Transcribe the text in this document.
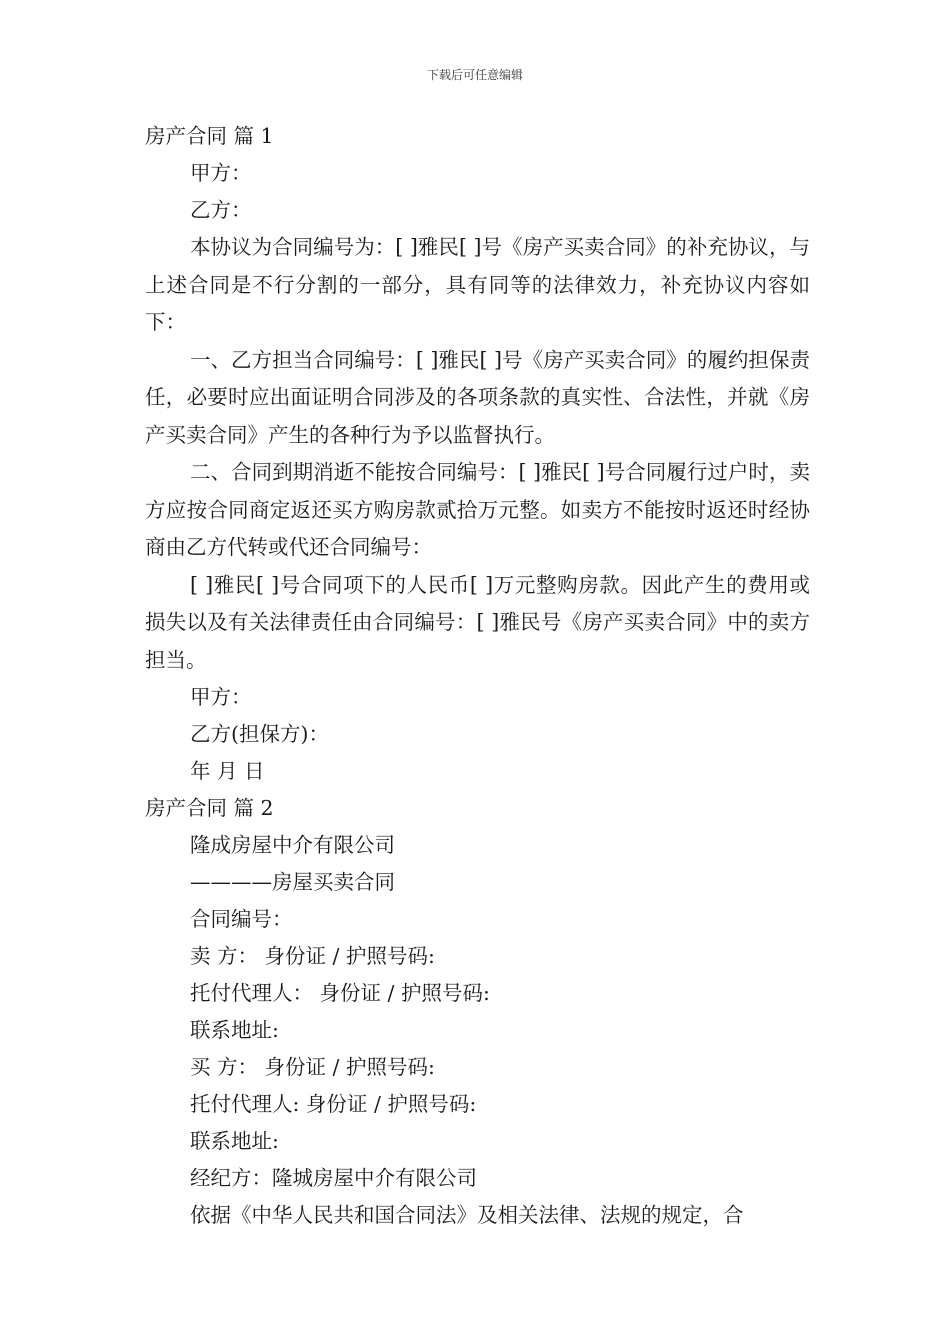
下载后可任意编辑

房产合同 篇 1

甲方：

乙方：

本协议为合同编号为：[ ]雅民[ ]号《房产买卖合同》的补充协议，与上述合同是不行分割的一部分，具有同等的法律效力，补充协议内容如下：

一、乙方担当合同编号：[ ]雅民[ ]号《房产买卖合同》的履约担保责任，必要时应出面证明合同涉及的各项条款的真实性、合法性，并就《房产买卖合同》产生的各种行为予以监督执行。

二、合同到期消逝不能按合同编号：[ ]雅民[ ]号合同履行过户时，卖方应按合同商定返还买方购房款贰拾万元整。如卖方不能按时返还时经协商由乙方代转或代还合同编号：

[ ]雅民[ ]号合同项下的人民币[ ]万元整购房款。因此产生的费用或损失以及有关法律责任由合同编号：[ ]雅民号《房产买卖合同》中的卖方担当。

甲方：

乙方(担保方)：

年 月 日

房产合同 篇 2

隆成房屋中介有限公司

————房屋买卖合同

合同编号：

卖 方： 身份证 / 护照号码:

托付代理人： 身份证 / 护照号码:

联系地址:

买 方： 身份证 / 护照号码:

托付代理人: 身份证 / 护照号码:

联系地址:

经纪方：隆城房屋中介有限公司

依据《中华人民共和国合同法》及相关法律、法规的规定，合
